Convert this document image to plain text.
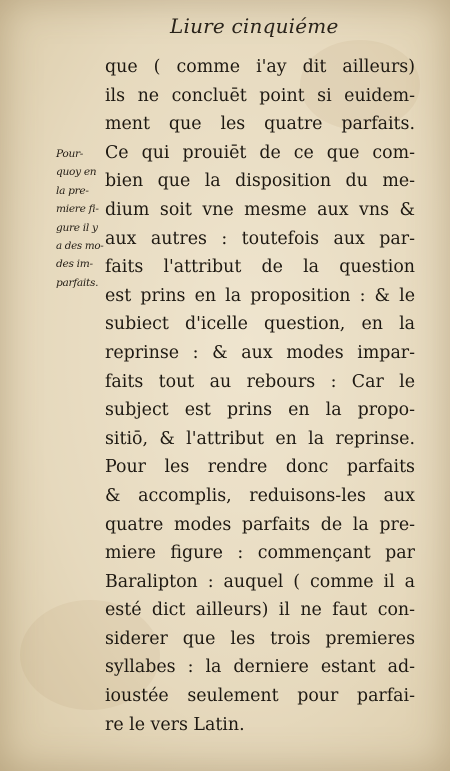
Liure cinquiéme
Pour-
quoy en
la pre-
miere fi-
gure il y
a des mo-
des im-
parfaits.
que ( comme i'ay dit ailleurs)
ils ne concluēt point si euidem-
ment que les quatre parfaits.
Ce qui prouiēt de ce que com-
bien que la disposition du me-
dium soit vne mesme aux vns &
aux autres : toutefois aux par-
faits l'attribut de la question
est prins en la proposition : & le
subiect d'icelle question, en la
reprinse : & aux modes impar-
faits tout au rebours : Car le
subject est prins en la propo-
sitiō, & l'attribut en la reprinse.
Pour les rendre donc parfaits
& accomplis, reduisons-les aux
quatre modes parfaits de la pre-
miere figure : commençant par
Baralipton : auquel ( comme il a
esté dict ailleurs) il ne faut con-
siderer que les trois premieres
syllabes : la derniere estant ad-
ioustée seulement pour parfai-
re le vers Latin.
